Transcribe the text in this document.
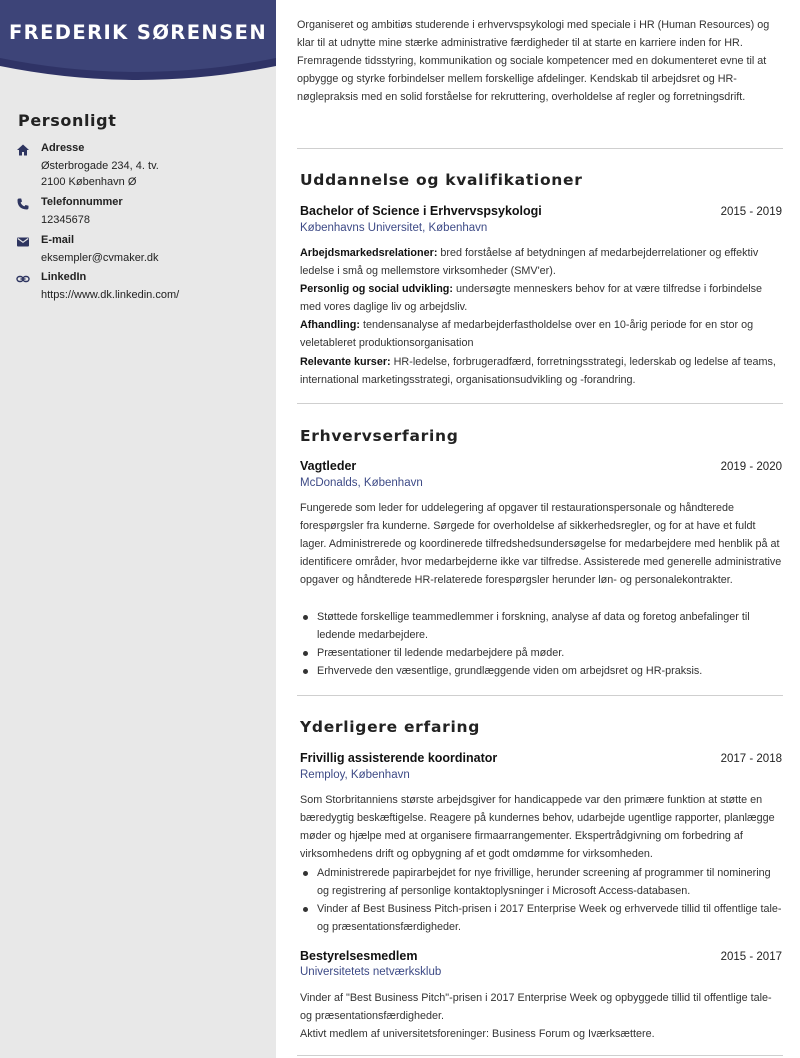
FREDERIK SØRENSEN
Personligt
Adresse
Østerbrogade 234, 4. tv.
2100 København Ø
Telefonnummer
12345678
E-mail
eksempler@cvmaker.dk
LinkedIn
https://www.dk.linkedin.com/
Organiseret og ambitiøs studerende i erhvervspsykologi med speciale i HR (Human Resources) og klar til at udnytte mine stærke administrative færdigheder til at starte en karriere inden for HR. Fremragende tidsstyring, kommunikation og sociale kompetencer med en dokumenteret evne til at opbygge og styrke forbindelser mellem forskellige afdelinger. Kendskab til arbejdsret og HR-nøglepraksis med en solid forståelse for rekruttering, overholdelse af regler og forretningsdrift.
Uddannelse og kvalifikationer
Bachelor of Science i Erhvervspsykologi	2015 - 2019
Københavns Universitet, København
Arbejdsmarkedsrelationer: bred forståelse af betydningen af medarbejderrelationer og effektiv ledelse i små og mellemstore virksomheder (SMV'er).
Personlig og social udvikling: undersøgte menneskers behov for at være tilfredse i forbindelse med vores daglige liv og arbejdsliv.
Afhandling: tendensanalyse af medarbejderfastholdelse over en 10-årig periode for en stor og veletableret produktionsorganisation
Relevante kurser: HR-ledelse, forbrugeradfærd, forretningsstrategi, lederskab og ledelse af teams, international marketingsstrategi, organisationsudvikling og -forandring.
Erhvervserfaring
Vagtleder	2019 - 2020
McDonalds, København
Fungerede som leder for uddelegering af opgaver til restaurationspersonale og håndterede forespørgsler fra kunderne. Sørgede for overholdelse af sikkerhedsregler, og for at have et fuldt lager. Administrerede og koordinerede tilfredshedsundersøgelse for medarbejdere med henblik på at identificere områder, hvor medarbejderne ikke var tilfredse. Assisterede med generelle administrative opgaver og håndterede HR-relaterede forespørgsler herunder løn- og personalekontrakter.
Støttede forskellige teammedlemmer i forskning, analyse af data og foretog anbefalinger til ledende medarbejdere.
Præsentationer til ledende medarbejdere på møder.
Erhvervede den væsentlige, grundlæggende viden om arbejdsret og HR-praksis.
Yderligere erfaring
Frivillig assisterende koordinator	2017 - 2018
Remploy, København
Som Storbritanniens største arbejdsgiver for handicappede var den primære funktion at støtte en bæredygtig beskæftigelse. Reagere på kundernes behov, udarbejde ugentlige rapporter, planlægge møder og hjælpe med at organisere firmaarrangementer. Ekspertrådgivning om forbedring af virksomhedens drift og opbygning af et godt omdømme for virksomheden.
Administrerede papirarbejdet for nye frivillige, herunder screening af programmer til nominering og registrering af personlige kontaktoplysninger i Microsoft Access-databasen.
Vinder af Best Business Pitch-prisen i 2017 Enterprise Week og erhvervede tillid til offentlige tale- og præsentationsfærdigheder.
Bestyrelsesmedlem	2015 - 2017
Universitetets netværksklub
Vinder af "Best Business Pitch"-prisen i 2017 Enterprise Week og opbyggede tillid til offentlige tale- og præsentationsfærdigheder.
Aktivt medlem af universitetsforeninger: Business Forum og Iværksættere.
